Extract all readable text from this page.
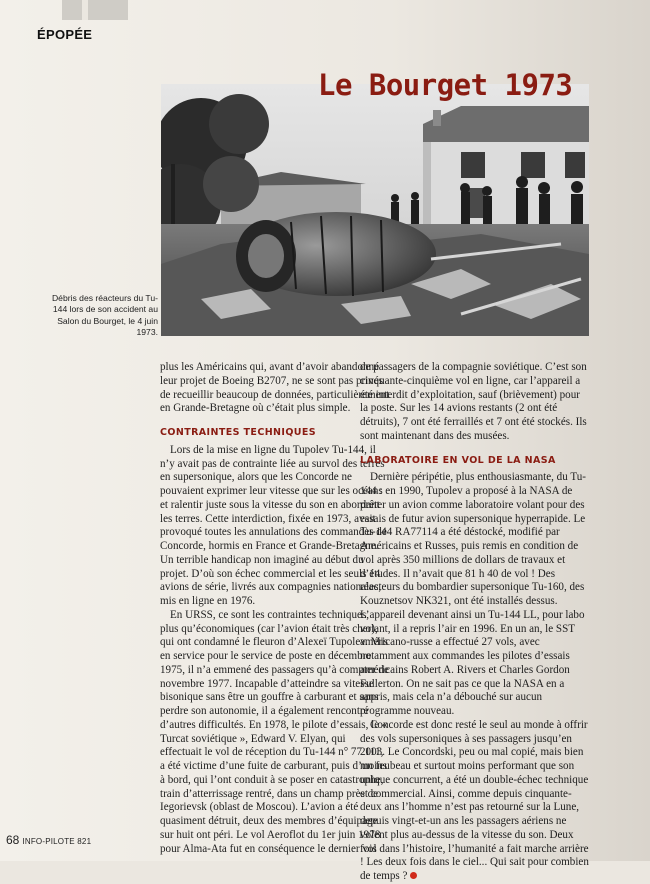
ÉPOPÉE
Le Bourget 1973
Débris des réacteurs du Tu-144 lors de son accident au Salon du Bourget, le 4 juin 1973.

plus les Américains qui, avant d’avoir abandonné leur projet de Boeing B2707, ne se sont pas privés de recueillir beaucoup de données, particulièrement en Grande-Bretagne où c’était plus simple.

CONTRAINTES TECHNIQUES

Lors de la mise en ligne du Tupolev Tu-144, il n’y avait pas de contrainte liée au survol des terres en supersonique, alors que les Concorde ne pouvaient exprimer leur vitesse que sur les océans et ralentir juste sous la vitesse du son en abordant les terres. Cette interdiction, fixée en 1973, avait provoqué toutes les annulations des commandes de Concorde, hormis en France et Grande-Bretagne. Un terrible handicap non imaginé au début du projet. D’où son échec commercial et les seuls 14 avions de série, livrés aux compagnies nationales, mis en ligne en 1976.

En URSS, ce sont les contraintes techniques, plus qu’économiques (car l’avion était très cher), qui ont condamné le fleuron d’Alexeï Tupolev. Mis en service pour le service de poste en décembre 1975, il n’a emmené des passagers qu’à compter de novembre 1977. Incapable d’atteindre sa vitesse bisonique sans être un gouffre à carburant et sans perdre son autonomie, il a également rencontré d’autres difficultés. En 1978, le pilote d’essais, le « Turcat soviétique », Edward V. Elyan, qui effectuait le vol de réception du Tu-144 n° 77 111, a été victime d’une fuite de carburant, puis d’un feu à bord, qui l’ont conduit à se poser en catastrophe, train d’atterrissage rentré, dans un champ près de Iegorievsk (oblast de Moscou). L’avion a été quasiment détruit, deux des membres d’équipage sur huit ont péri. Le vol Aeroflot du 1er juin 1978 pour Alma-Ata fut en conséquence le dernier vol

de passagers de la compagnie soviétique. C’est son cinquante-cinquième vol en ligne, car l’appareil a été interdit d’exploitation, sauf (brièvement) pour la poste. Sur les 14 avions restants (2 ont été détruits), 7 ont été ferraillés et 7 ont été stockés. Ils sont maintenant dans des musées.

LABORATOIRE EN VOL DE LA NASA

Dernière péripétie, plus enthousiasmante, du Tu-144 : en 1990, Tupolev a proposé à la NASA de prêter un avion comme laboratoire volant pour des essais de futur avion supersonique hyperrapide. Le Tu-144 RA77114 a été déstocké, modifié par Américains et Russes, puis remis en condition de vol après 350 millions de dollars de travaux et d’études. Il n’avait que 81 h 40 de vol ! Des réacteurs du bombardier supersonique Tu-160, des Kouznetsov NK321, ont été installés dessus. L’appareil devenant ainsi un Tu-144 LL, pour labo volant, il a repris l’air en 1996. En un an, le SST américano-russe a effectué 27 vols, avec notamment aux commandes les pilotes d’essais américains Robert A. Rivers et Charles Gordon Fullerton. On ne sait pas ce que la NASA en a appris, mais cela n’a débouché sur aucun programme nouveau.

Concorde est donc resté le seul au monde à offrir des vols supersoniques à ses passagers jusqu’en 2003. Le Concordski, peu ou mal copié, mais bien moins beau et surtout moins performant que son unique concurrent, a été un double-échec technique et commercial. Ainsi, comme depuis cinquante-deux ans l’homme n’est pas retourné sur la Lune, depuis vingt-et-un ans les passagers aériens ne volent plus au-dessus de la vitesse du son. Deux fois dans l’histoire, l’humanité a fait marche arrière ! Les deux fois dans le ciel... Qui sait pour combien de temps ?

68 INFO-PILOTE 821
